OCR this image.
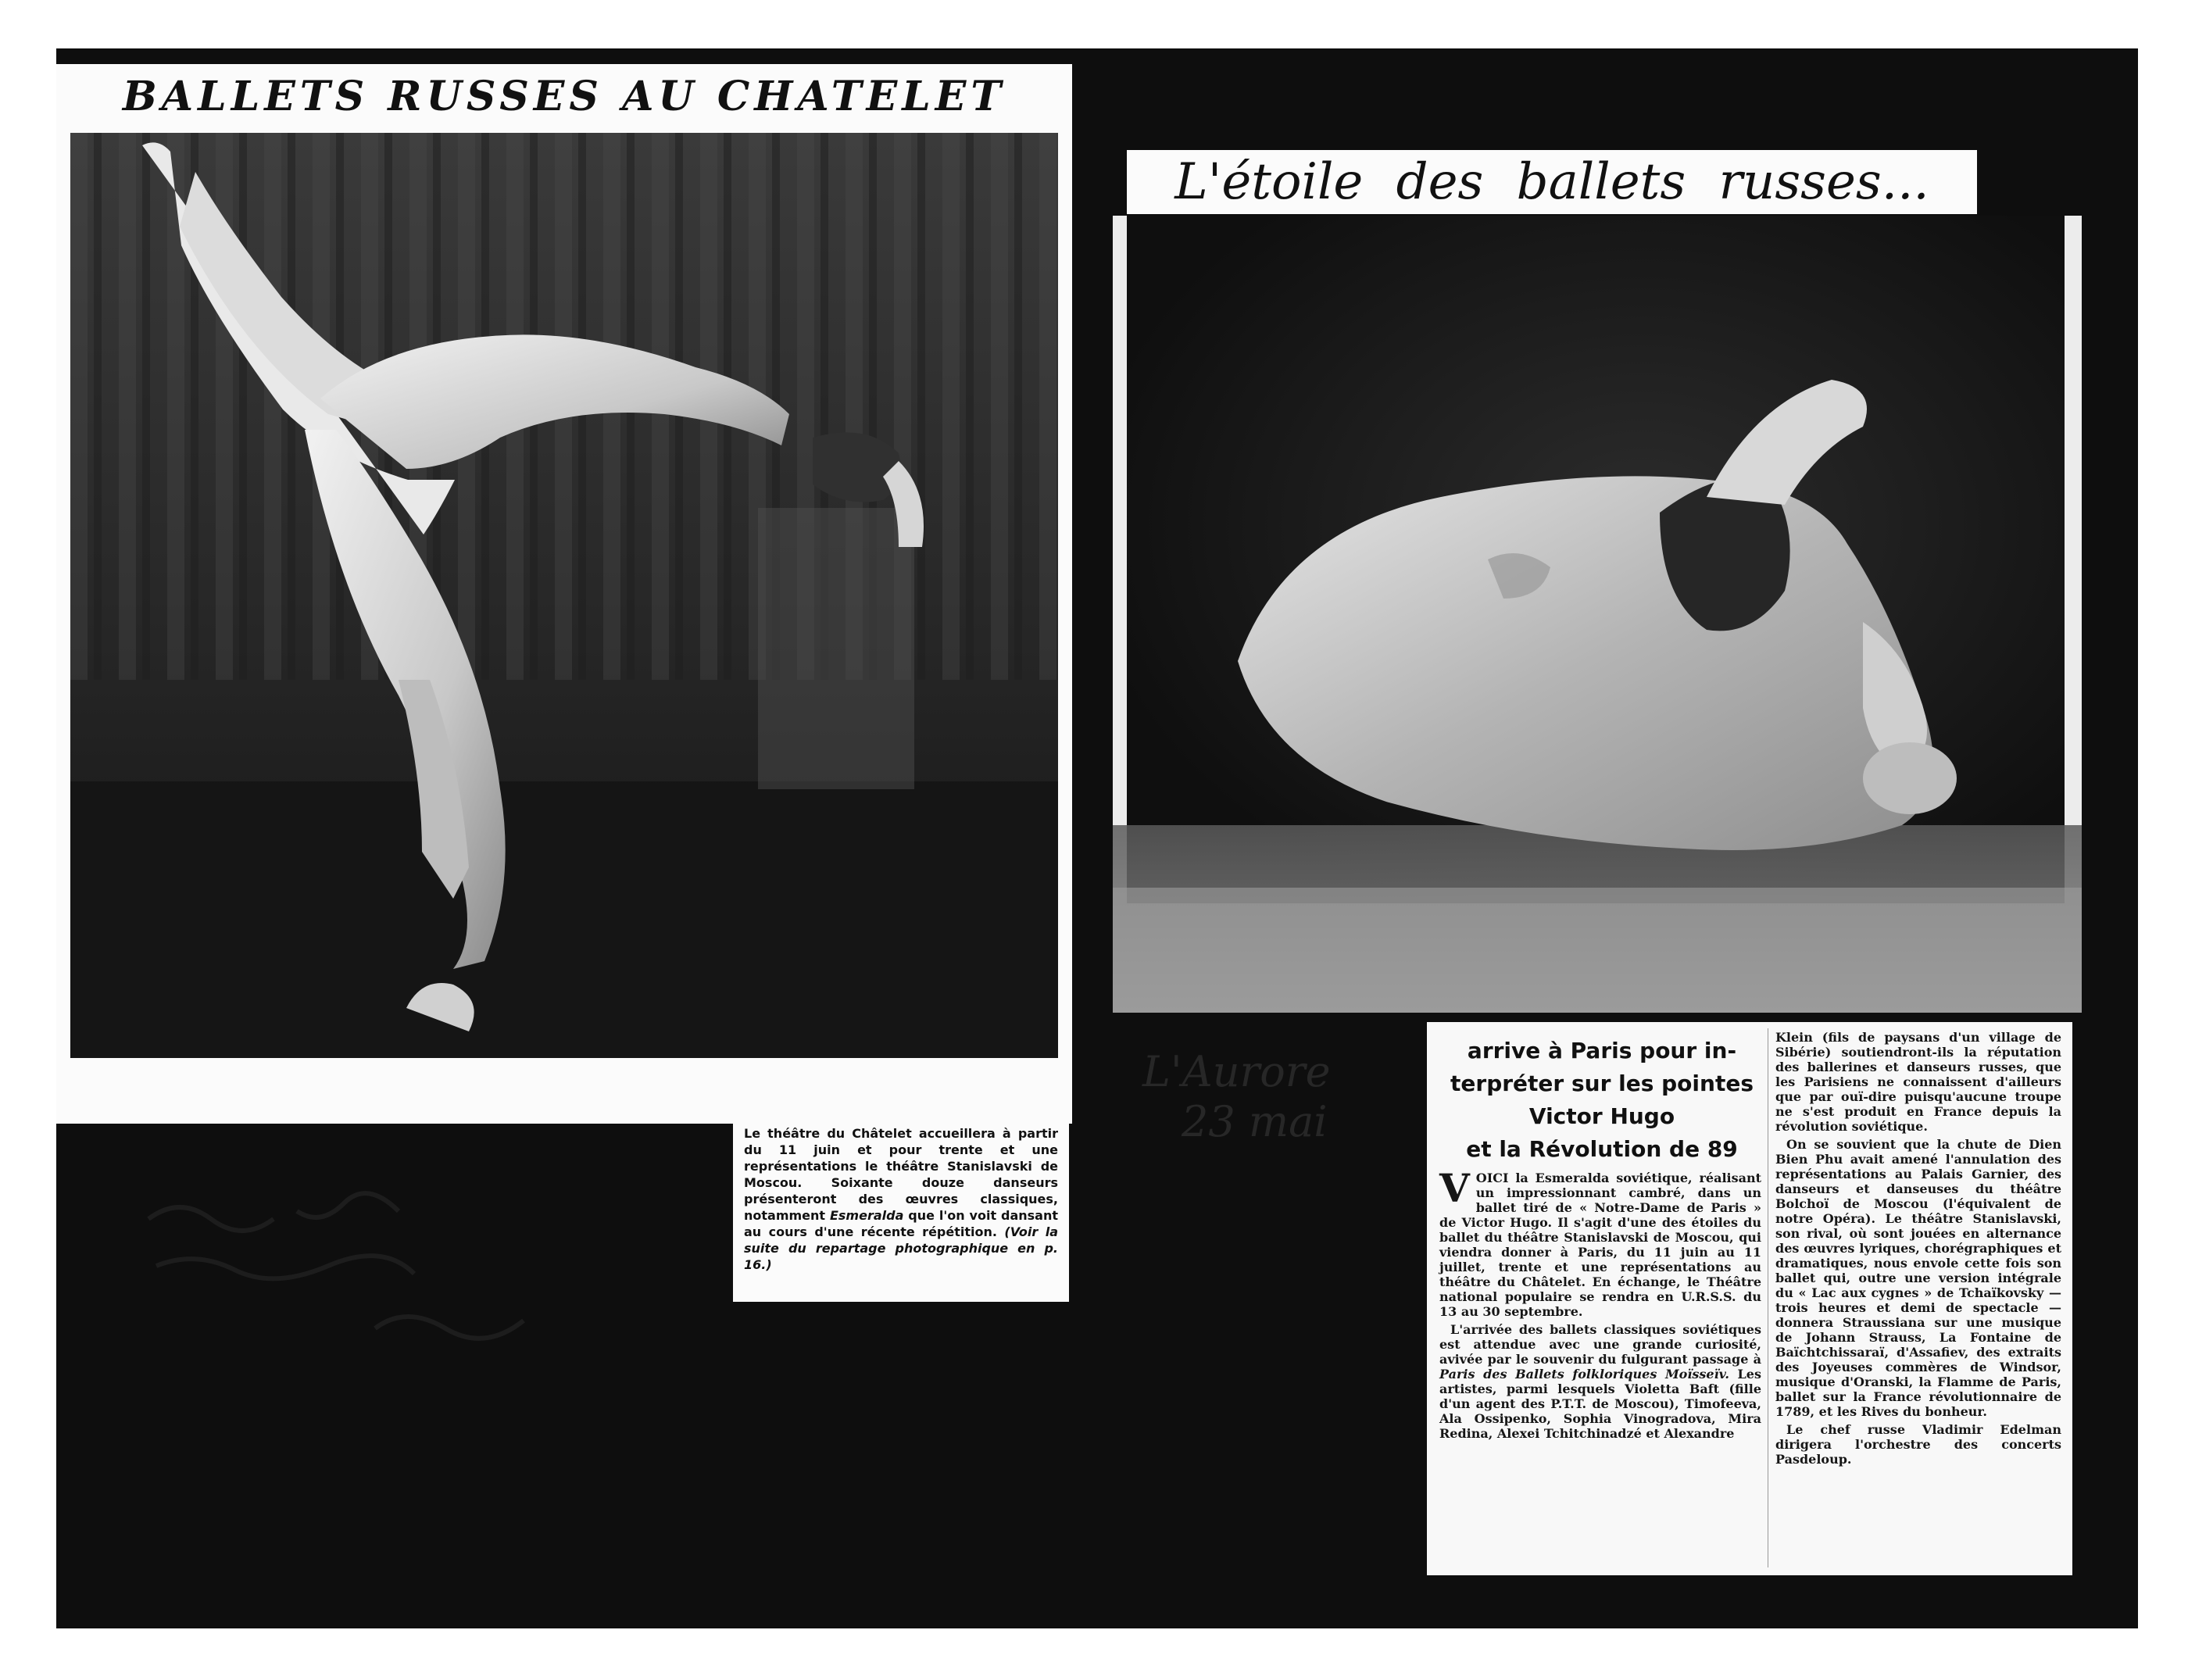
L'Aurore
23 mai
BALLETS RUSSES AU CHATELET

Le théâtre du Châtelet accueillera à partir du 11 juin et pour trente et une représentations le théâtre Stanislavski de Moscou. Soixante douze danseurs présenteront des œuvres classiques, notamment Esmeralda que l'on voit dansant au cours d'une récente répétition. (Voir la suite du repartage photographique en p. 16.)

L'étoile des ballets russes...
arrive à Paris pour in-
terpréter sur les pointes
Victor Hugo
et la Révolution de 89

VOICI la Esmeralda soviétique, réalisant un impressionnant cambré, dans un ballet tiré de « Notre-Dame de Paris » de Victor Hugo. Il s'agit d'une des étoiles du ballet du théâtre Stanislavski de Moscou, qui viendra donner à Paris, du 11 juin au 11 juillet, trente et une représentations au théâtre du Châtelet. En échange, le Théâtre national populaire se rendra en U.R.S.S. du 13 au 30 septembre.

L'arrivée des ballets classiques soviétiques est attendue avec une grande curiosité, avivée par le souvenir du fulgurant passage à Paris des Ballets folkloriques Moïsseïv. Les artistes, parmi lesquels Violetta Baft (fille d'un agent des P.T.T. de Moscou), Timofeeva, Ala Ossipenko, Sophia Vinogradova, Mira Redina, Alexei Tchitchinadzé et Alexandre

Klein (fils de paysans d'un village de Sibérie) soutiendront-ils la réputation des ballerines et danseurs russes, que les Parisiens ne connaissent d'ailleurs que par ouï-dire puisqu'aucune troupe ne s'est produit en France depuis la révolution soviétique.

On se souvient que la chute de Dien Bien Phu avait amené l'annulation des représentations au Palais Garnier, des danseurs et danseuses du théâtre Bolchoï de Moscou (l'équivalent de notre Opéra). Le théâtre Stanislavski, son rival, où sont jouées en alternance des œuvres lyriques, chorégraphiques et dramatiques, nous envole cette fois son ballet qui, outre une version intégrale du « Lac aux cygnes » de Tchaïkovsky — trois heures et demi de spectacle — donnera Straussiana sur une musique de Johann Strauss, La Fontaine de Baïchtchissaraï, d'Assafiev, des extraits des Joyeuses commères de Windsor, musique d'Oranski, la Flamme de Paris, ballet sur la France révolutionnaire de 1789, et les Rives du bonheur.

Le chef russe Vladimir Edelman dirigera l'orchestre des concerts Pasdeloup.
